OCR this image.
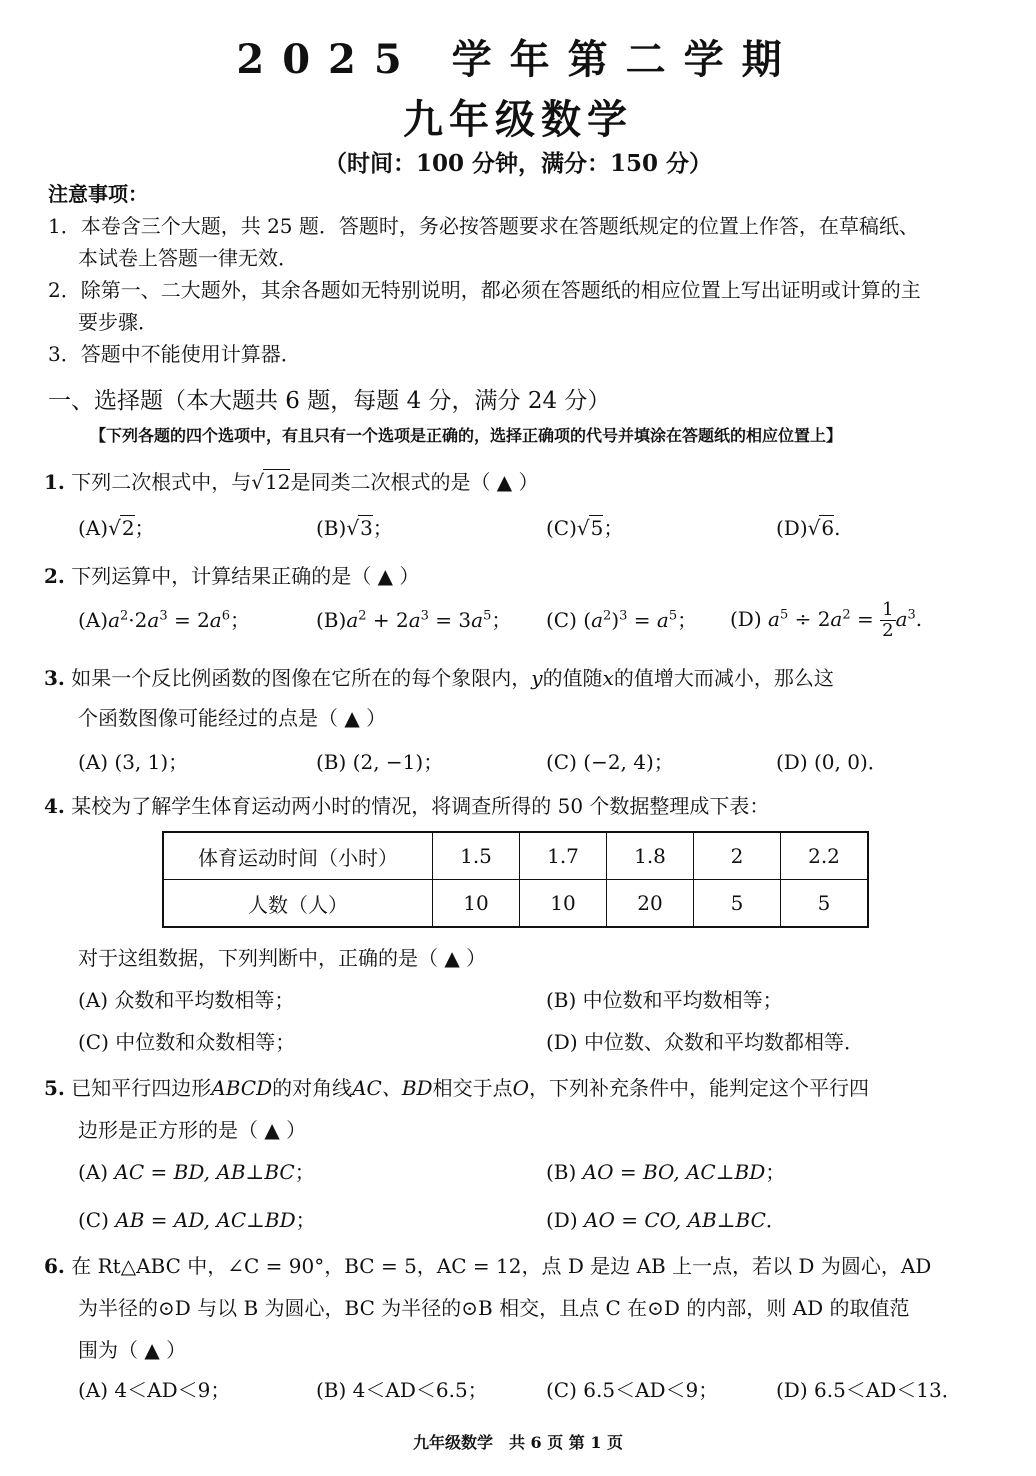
2025 学年第二学期
九年级数学
（时间：100 分钟，满分：150 分）
注意事项：
1．本卷含三个大题，共 25 题．答题时，务必按答题要求在答题纸规定的位置上作答，在草稿纸、
本试卷上答题一律无效．
2．除第一、二大题外，其余各题如无特别说明，都必须在答题纸的相应位置上写出证明或计算的主
要步骤．
3．答题中不能使用计算器．
一、选择题（本大题共 6 题，每题 4 分，满分 24 分）
【下列各题的四个选项中，有且只有一个选项是正确的，选择正确项的代号并填涂在答题纸的相应位置上】
1. 下列二次根式中，与√12是同类二次根式的是（ ▲ ）
(A)√2；	(B)√3；	(C)√5；	(D)√6.
2. 下列运算中，计算结果正确的是（ ▲ ）
$(A)a^2\cdot 2a^3 = 2a^6$；	$(B)a^2 + 2a^3 = 3a^5$； (C) $(a^2)^3 = a^5$； (D) $a^5 \div 2a^2 = \frac{1}{2} a^3$.
3. 如果一个反比例函数的图像在它所在的每个象限内，y的值随x的值增大而减小，那么这
个函数图像可能经过的点是（ ▲ ）
(A) (3, 1)；	(B) (2, −1)；	(C) (−2, 4)；	(D) (0, 0)．
4. 某校为了解学生体育运动两小时的情况，将调查所得的 50 个数据整理成下表：
体育运动时间（小时）	1.5	1.7	1.8	2	2.2
人数（人）	10	10	20	5	5
对于这组数据，下列判断中，正确的是（ ▲ ）
(A) 众数和平均数相等；	(B) 中位数和平均数相等；
(C) 中位数和众数相等；	(D) 中位数、众数和平均数都相等．
5. 已知平行四边形ABCD的对角线AC、BD相交于点O，下列补充条件中，能判定这个平行四
边形是正方形的是（ ▲ ）
(A) AC = BD, AB⊥BC；	(B) AO = BO, AC⊥BD；
(C) AB = AD, AC⊥BD；	(D) AO = CO, AB⊥BC．
6. 在 Rt△ABC 中，∠C = 90°，BC = 5，AC = 12，点 D 是边 AB 上一点，若以 D 为圆心，AD
为半径的⊙D 与以 B 为圆心，BC 为半径的⊙B 相交，且点 C 在⊙D 的内部，则 AD 的取值范
围为（ ▲ ）
(A) 4＜AD＜9；	(B) 4＜AD＜6.5；	(C) 6.5＜AD＜9；	(D) 6.5＜AD＜13．
九年级数学　共 6 页 第 1 页
